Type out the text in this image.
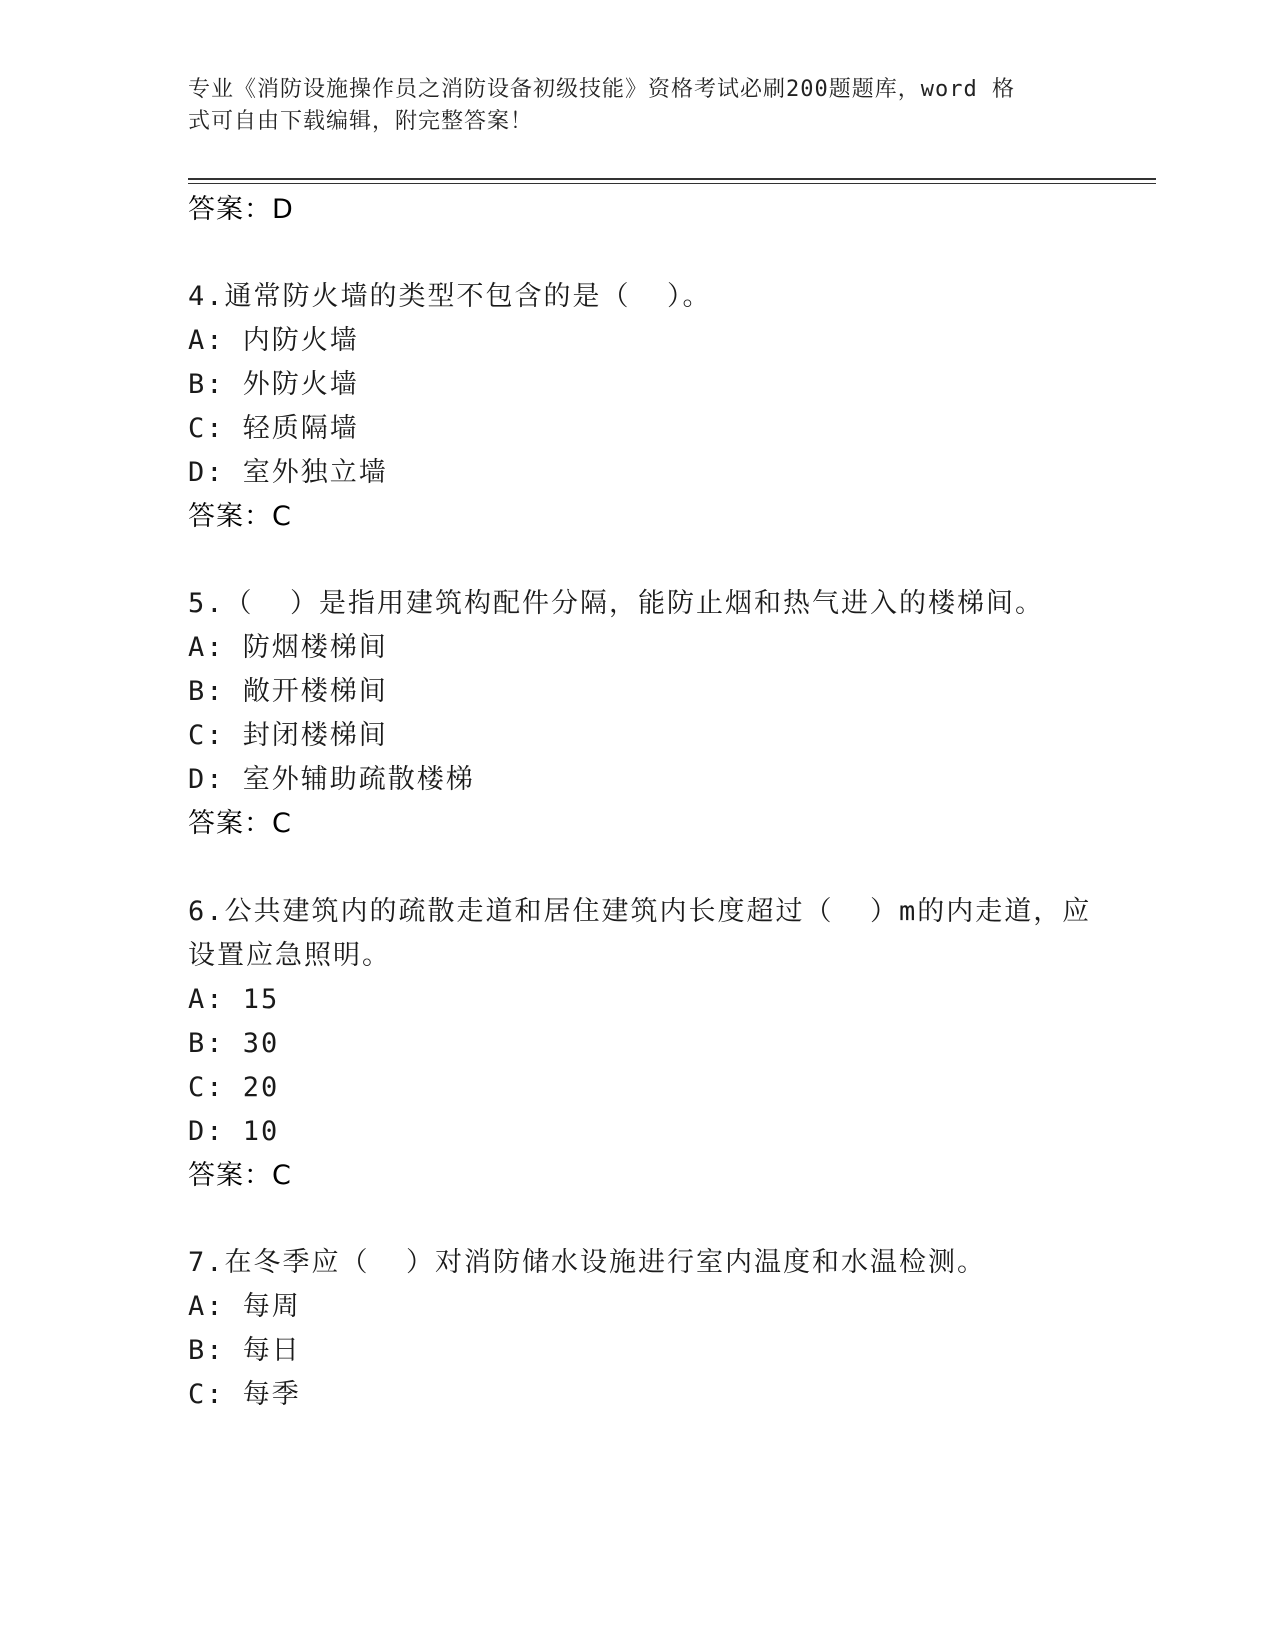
专业《消防设施操作员之消防设备初级技能》资格考试必刷200题题库，word 格
式可自由下载编辑，附完整答案！
答案：D
4.通常防火墙的类型不包含的是（  ）。
A: 内防火墙
B: 外防火墙
C: 轻质隔墙
D: 室外独立墙
答案：C
5.（  ）是指用建筑构配件分隔，能防止烟和热气进入的楼梯间。
A: 防烟楼梯间
B: 敞开楼梯间
C: 封闭楼梯间
D: 室外辅助疏散楼梯
答案：C
6.公共建筑内的疏散走道和居住建筑内长度超过（  ）m的内走道，应
设置应急照明。
A: 15
B: 30
C: 20
D: 10
答案：C
7.在冬季应（  ）对消防储水设施进行室内温度和水温检测。
A: 每周
B: 每日
C: 每季
